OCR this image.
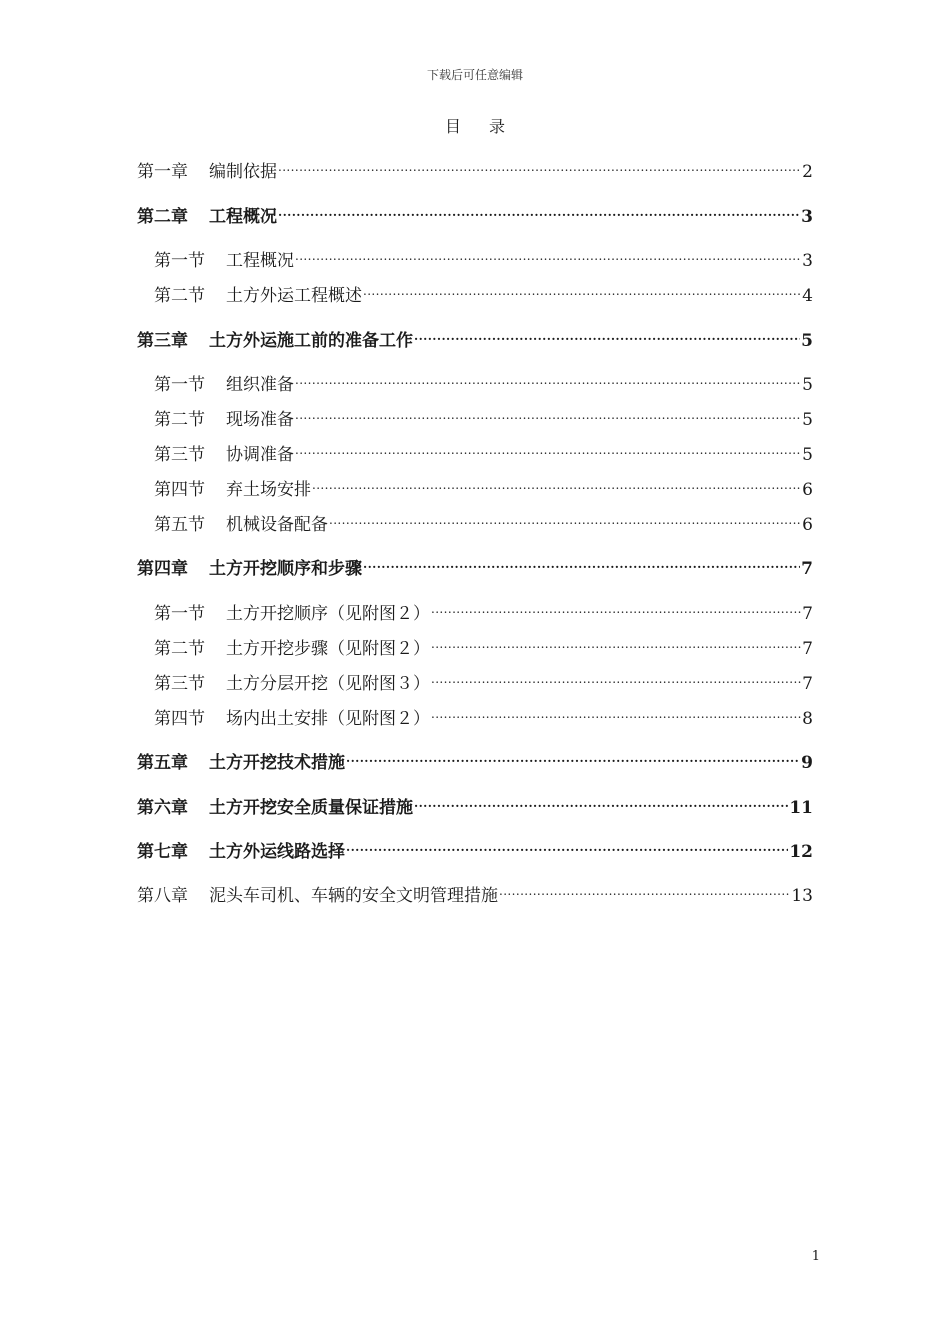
下载后可任意编辑
目录
第一章 编制依据 .....	2
第二章 工程概况 .....	3
第一节 工程概况 .....	3
第二节 土方外运工程概述 .....	4
第三章 土方外运施工前的准备工作 .....	5
第一节 组织准备 .....	5
第二节 现场准备 .....	5
第三节 协调准备 .....	5
第四节 弃土场安排 .....	6
第五节 机械设备配备 .....	6
第四章 土方开挖顺序和步骤 .....	7
第一节 土方开挖顺序（见附图２） .....	7
第二节 土方开挖步骤（见附图２） .....	7
第三节 土方分层开挖（见附图３） .....	7
第四节 场内出土安排（见附图２） .....	8
第五章 土方开挖技术措施 .....	9
第六章 土方开挖安全质量保证措施 .....	11
第七章 土方外运线路选择 .....	12
第八章 泥头车司机、车辆的安全文明管理措施 .....	13
1
